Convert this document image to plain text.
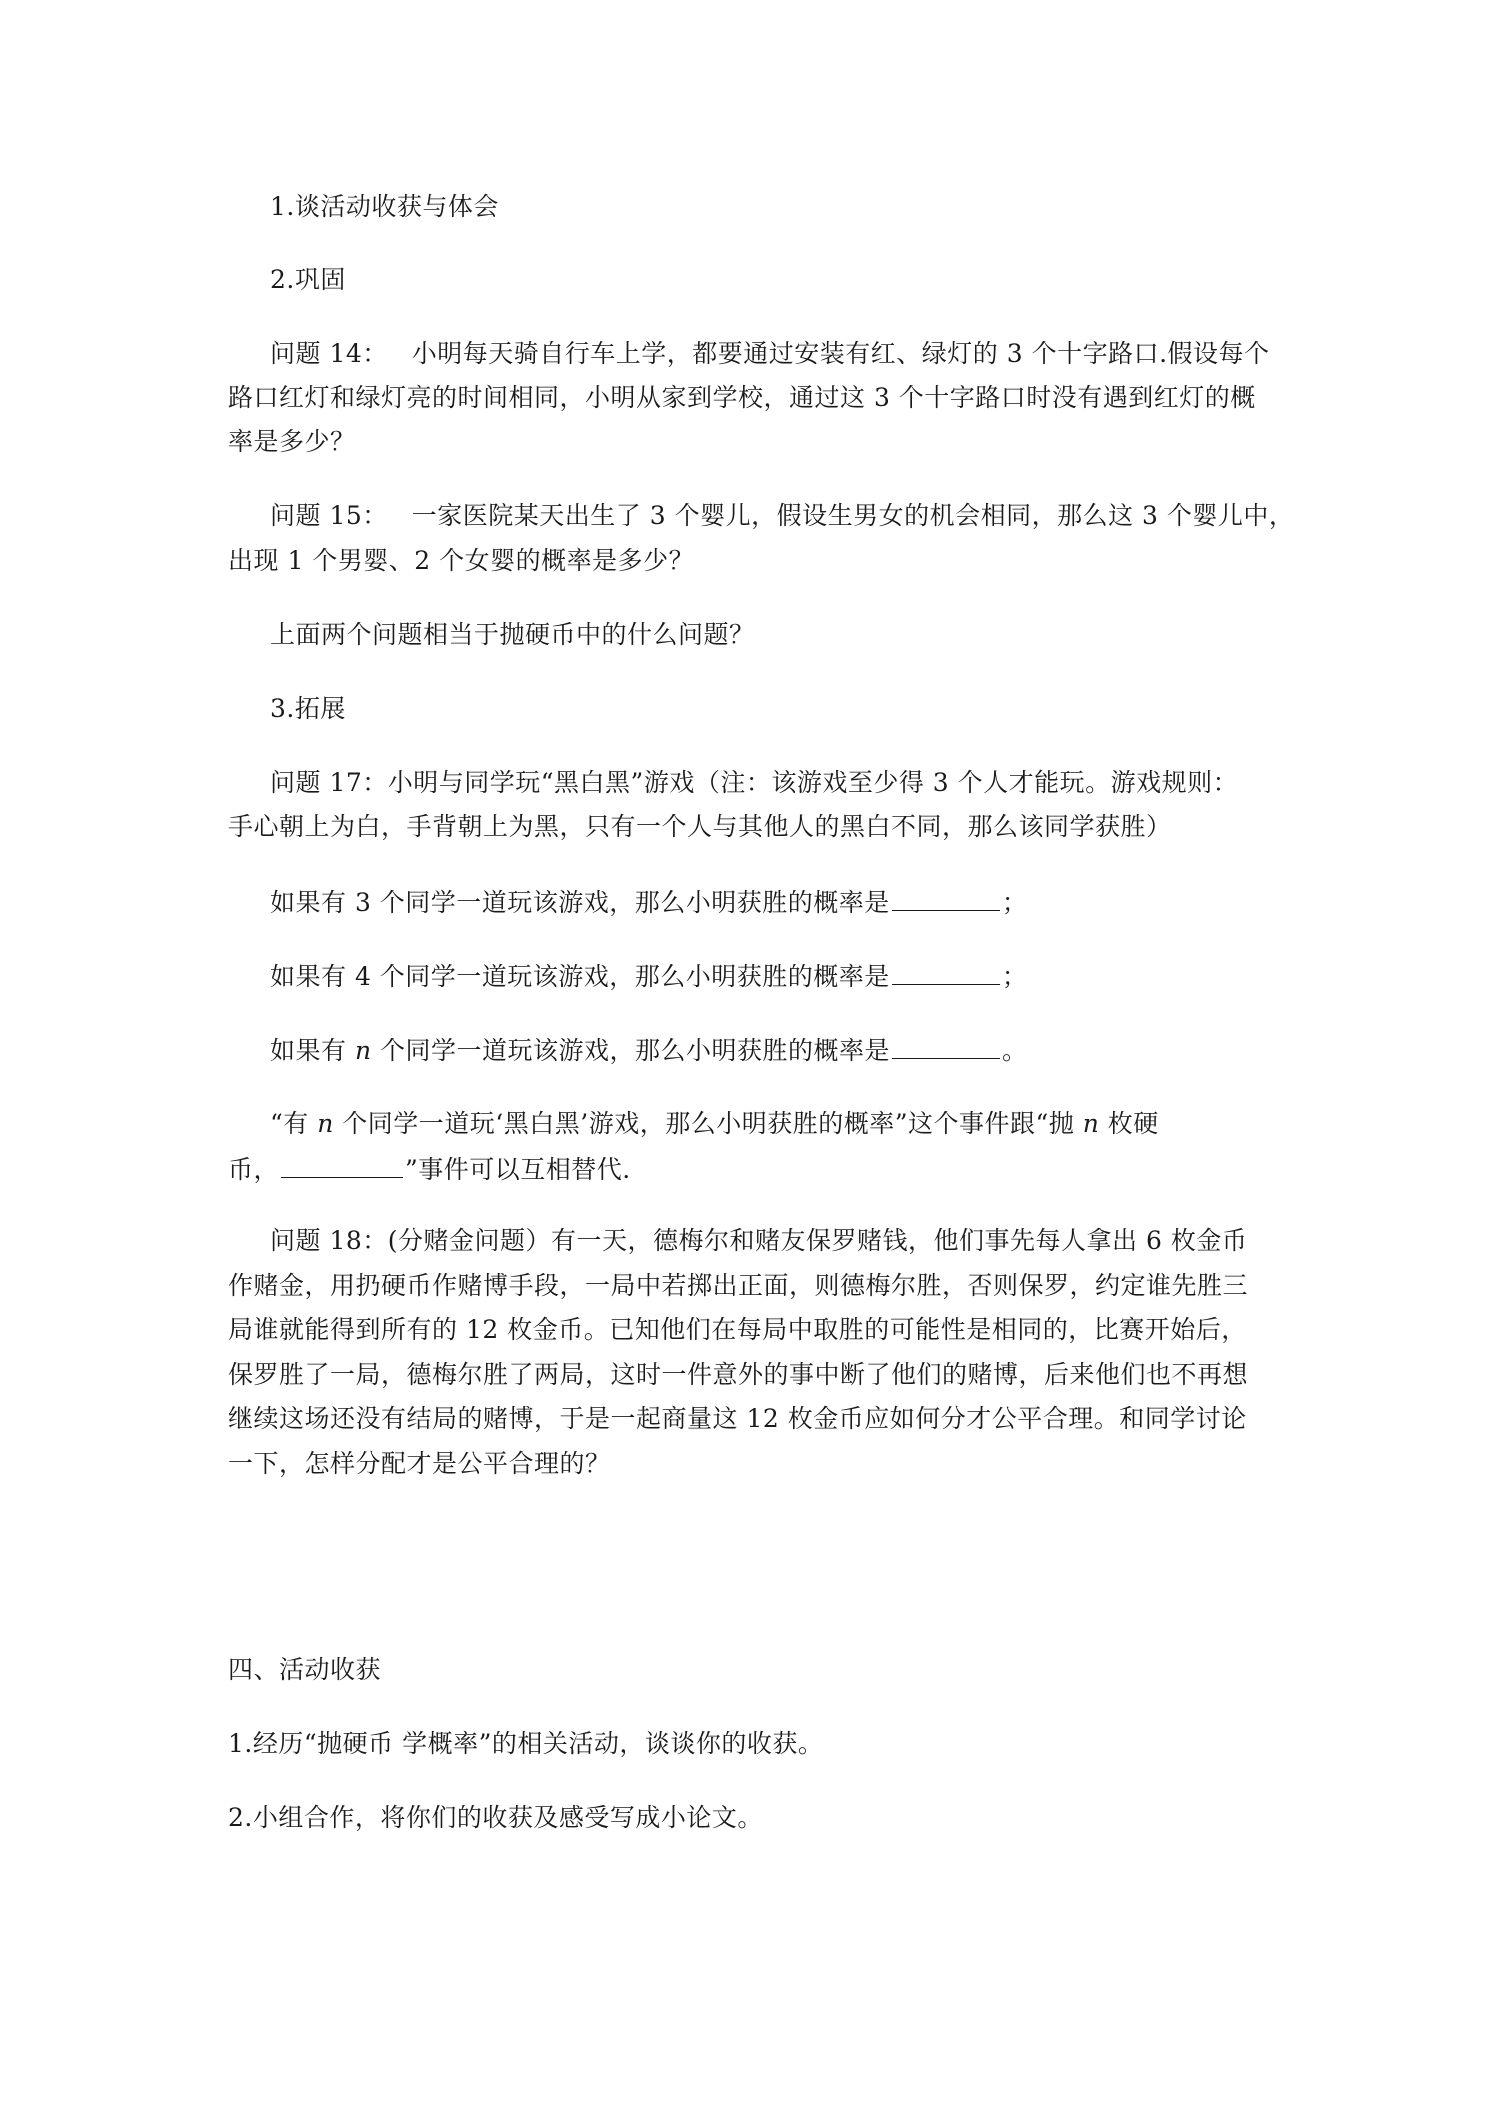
1.谈活动收获与体会
2.巩固
问题 14： 小明每天骑自行车上学，都要通过安装有红、绿灯的 3 个十字路口.假设每个
路口红灯和绿灯亮的时间相同，小明从家到学校，通过这 3 个十字路口时没有遇到红灯的概
率是多少？
问题 15： 一家医院某天出生了 3 个婴儿，假设生男女的机会相同，那么这 3 个婴儿中，
出现 1 个男婴、2 个女婴的概率是多少？
上面两个问题相当于抛硬币中的什么问题？
3.拓展
问题 17：小明与同学玩“黑白黑”游戏（注：该游戏至少得 3 个人才能玩。游戏规则：
手心朝上为白，手背朝上为黑，只有一个人与其他人的黑白不同，那么该同学获胜）
如果有 3 个同学一道玩该游戏，那么小明获胜的概率是	；
如果有 4 个同学一道玩该游戏，那么小明获胜的概率是	；
如果有 n 个同学一道玩该游戏，那么小明获胜的概率是	。
“有 n 个同学一道玩‘黑白黑’游戏，那么小明获胜的概率”这个事件跟“抛 n 枚硬
币，	”事件可以互相替代.
问题 18：(分赌金问题）有一天，德梅尔和赌友保罗赌钱，他们事先每人拿出 6 枚金币
作赌金，用扔硬币作赌博手段，一局中若掷出正面，则德梅尔胜，否则保罗，约定谁先胜三
局谁就能得到所有的 12 枚金币。已知他们在每局中取胜的可能性是相同的，比赛开始后，
保罗胜了一局，德梅尔胜了两局，这时一件意外的事中断了他们的赌博，后来他们也不再想
继续这场还没有结局的赌博，于是一起商量这 12 枚金币应如何分才公平合理。和同学讨论
一下，怎样分配才是公平合理的？
四、活动收获
1.经历“抛硬币 学概率”的相关活动，谈谈你的收获。
2.小组合作，将你们的收获及感受写成小论文。
